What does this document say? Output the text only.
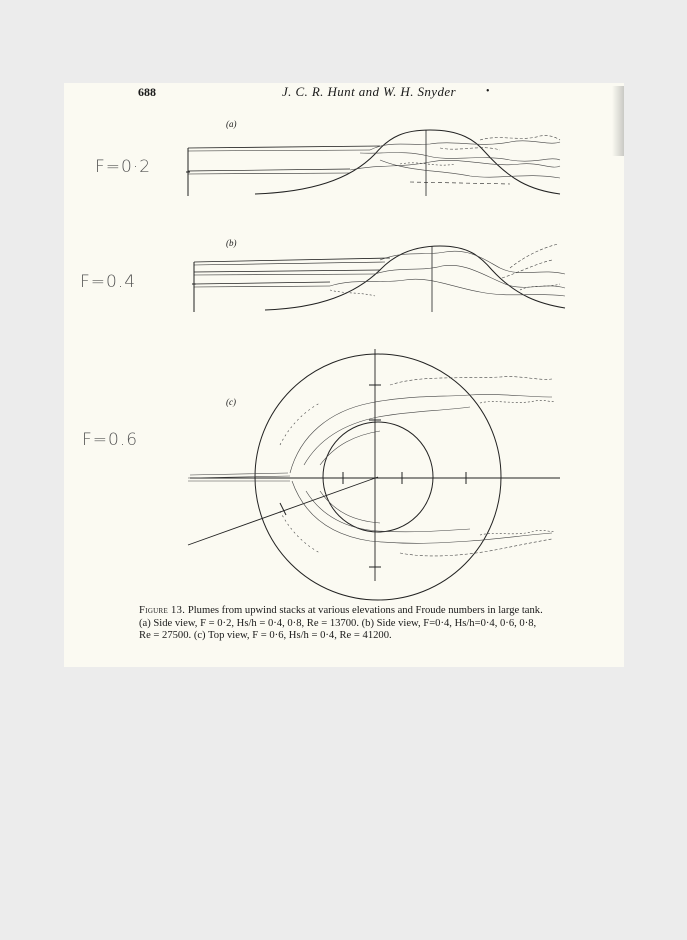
688	J. C. R. Hunt and W. H. Snyder	•
F=0·2
F=0.4
F=0.6
(a)
(b)
(c)
Figure 13. Plumes from upwind stacks at various elevations and Froude numbers in large tank.
(a) Side view, F = 0·2, Hs/h = 0·4, 0·8, Re = 13700. (b) Side view, F=0·4, Hs/h=0·4, 0·6, 0·8,
Re = 27500. (c) Top view, F = 0·6, Hs/h = 0·4, Re = 41200.
